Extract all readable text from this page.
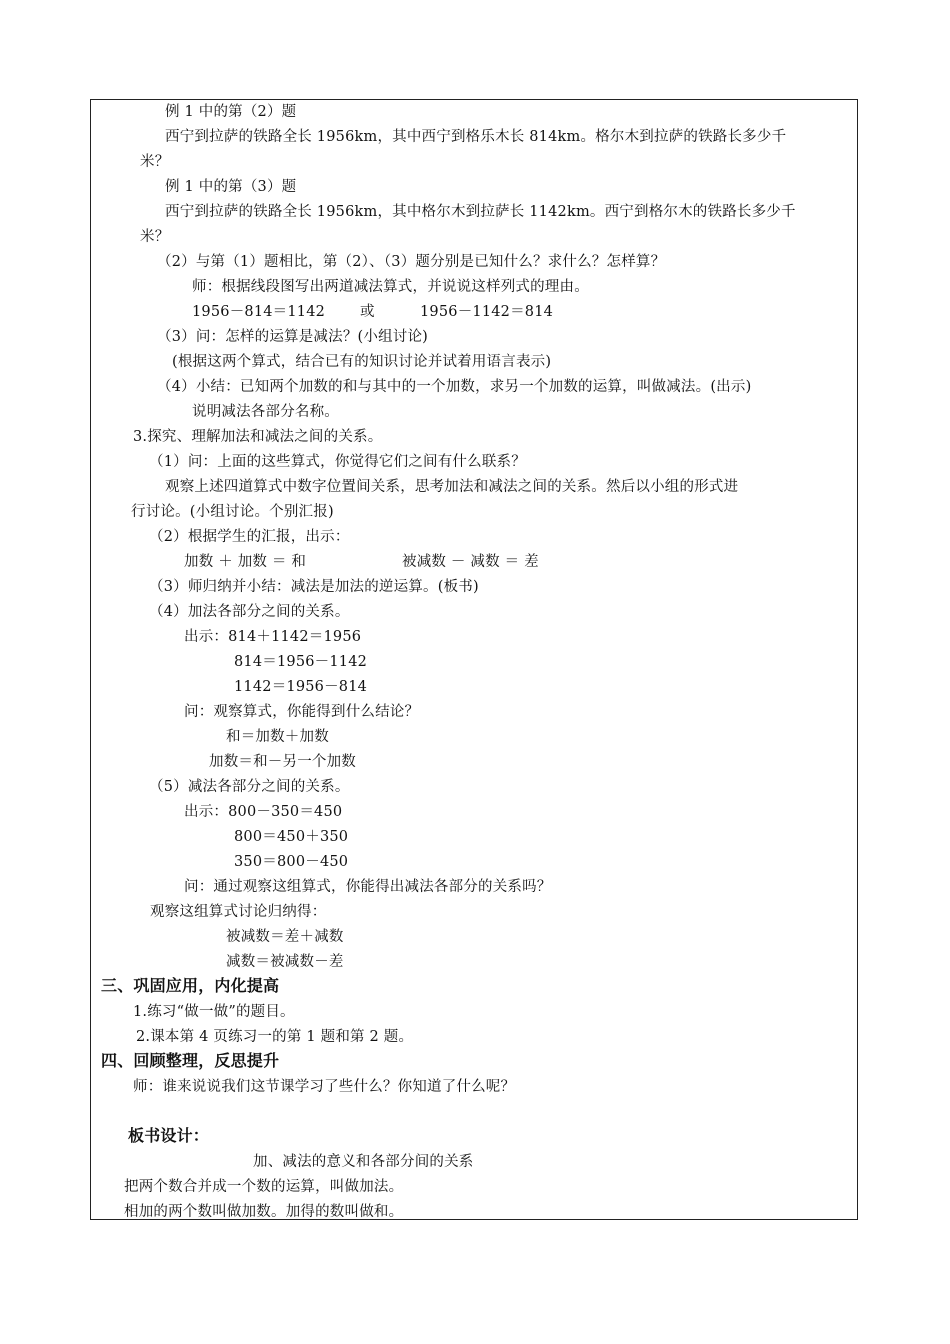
例 1 中的第（2）题
西宁到拉萨的铁路全长 1956km，其中西宁到格乐木长 814km。格尔木到拉萨的铁路长多少千
米？
例 1 中的第（3）题
西宁到拉萨的铁路全长 1956km，其中格尔木到拉萨长 1142km。西宁到格尔木的铁路长多少千
米？
（2）与第（1）题相比，第（2）、（3）题分别是已知什么？求什么？怎样算？
师：根据线段图写出两道减法算式，并说说这样列式的理由。
1956－814＝1142 或	1956－1142＝814
（3）问：怎样的运算是减法？(小组讨论)
(根据这两个算式，结合已有的知识讨论并试着用语言表示)
（4）小结：已知两个加数的和与其中的一个加数，求另一个加数的运算，叫做减法。(出示)
说明减法各部分名称。
3.探究、理解加法和减法之间的关系。
（1）问：上面的这些算式，你觉得它们之间有什么联系？
观察上述四道算式中数字位置间关系，思考加法和减法之间的关系。然后以小组的形式进
行讨论。(小组讨论。个别汇报)
（2）根据学生的汇报，出示：
加数 ＋ 加数 ＝ 和	被减数 － 减数 ＝ 差
（3）师归纳并小结：减法是加法的逆运算。(板书)
（4）加法各部分之间的关系。
出示：814＋1142＝1956
814＝1956－1142
1142＝1956－814
问：观察算式，你能得到什么结论？
和＝加数＋加数
加数＝和－另一个加数
（5）减法各部分之间的关系。
出示：800－350＝450
800＝450＋350
350＝800－450
问：通过观察这组算式，你能得出减法各部分的关系吗？
观察这组算式讨论归纳得：
被减数＝差＋减数
减数＝被减数－差
三、巩固应用，内化提高
1.练习“做一做”的题目。
2.课本第 4 页练习一的第 1 题和第 2 题。
四、回顾整理，反思提升
师：谁来说说我们这节课学习了些什么？你知道了什么呢？
板书设计：
加、减法的意义和各部分间的关系
把两个数合并成一个数的运算，叫做加法。
相加的两个数叫做加数。加得的数叫做和。
